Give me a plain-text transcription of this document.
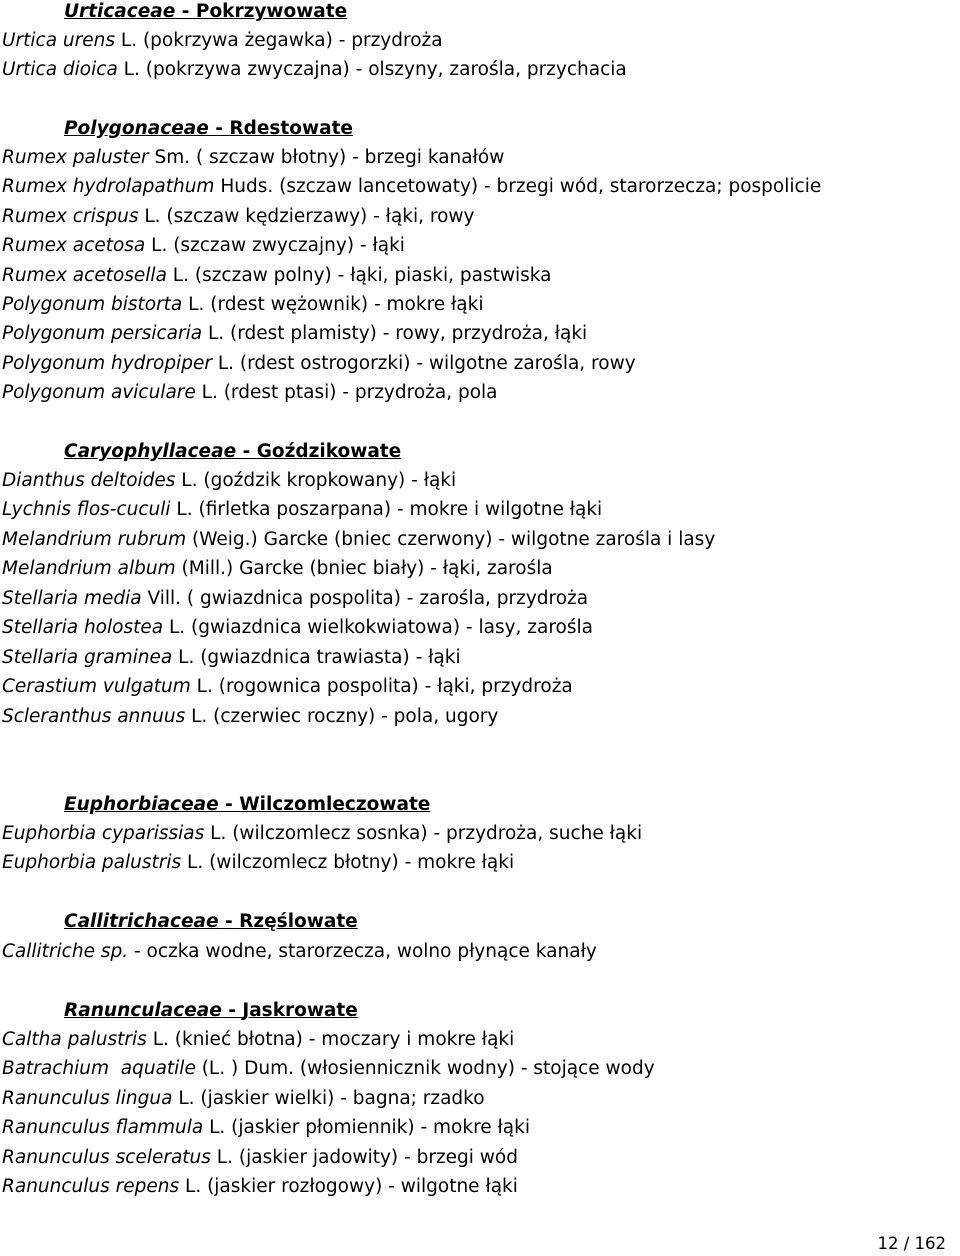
Urticaceae - Pokrzywowate
Urtica urens L. (pokrzywa żegawka) - przydroża
Urtica dioica L. (pokrzywa zwyczajna) - olszyny, zarośla, przychacia
Polygonaceae - Rdestowate
Rumex paluster Sm. ( szczaw błotny) - brzegi kanałów
Rumex hydrolapathum Huds. (szczaw lancetowaty) - brzegi wód, starorzecza; pospolicie
Rumex crispus L. (szczaw kędzierzawy) - łąki, rowy
Rumex acetosa L. (szczaw zwyczajny) - łąki
Rumex acetosella L. (szczaw polny) - łąki, piaski, pastwiska
Polygonum bistorta L. (rdest wężownik) - mokre łąki
Polygonum persicaria L. (rdest plamisty) - rowy, przydroża, łąki
Polygonum hydropiper L. (rdest ostrogorzki) - wilgotne zarośla, rowy
Polygonum aviculare L. (rdest ptasi) - przydroża, pola
Caryophyllaceae - Goździkowate
Dianthus deltoides L. (goździk kropkowany) - łąki
Lychnis flos-cuculi L. (firletka poszarpana) - mokre i wilgotne łąki
Melandrium rubrum (Weig.) Garcke (bniec czerwony) - wilgotne zarośla i lasy
Melandrium album (Mill.) Garcke (bniec biały) - łąki, zarośla
Stellaria media Vill. ( gwiazdnica pospolita) - zarośla, przydroża
Stellaria holostea L. (gwiazdnica wielkokwiatowa) - lasy, zarośla
Stellaria graminea L. (gwiazdnica trawiasta) - łąki
Cerastium vulgatum L. (rogownica pospolita) - łąki, przydroża
Scleranthus annuus L. (czerwiec roczny) - pola, ugory
Euphorbiaceae - Wilczomleczowate
Euphorbia cyparissias L. (wilczomlecz sosnka) - przydroża, suche łąki
Euphorbia palustris L. (wilczomlecz błotny) - mokre łąki
Callitrichaceae - Rzęślowate
Callitriche sp. - oczka wodne, starorzecza, wolno płynące kanały
Ranunculaceae - Jaskrowate
Caltha palustris L. (knieć błotna) - moczary i mokre łąki
Batrachium  aquatile (L. ) Dum. (włosiennicznik wodny) - stojące wody
Ranunculus lingua L. (jaskier wielki) - bagna; rzadko
Ranunculus flammula L. (jaskier płomiennik) - mokre łąki
Ranunculus sceleratus L. (jaskier jadowity) - brzegi wód
Ranunculus repens L. (jaskier rozłogowy) - wilgotne łąki
12 / 162
